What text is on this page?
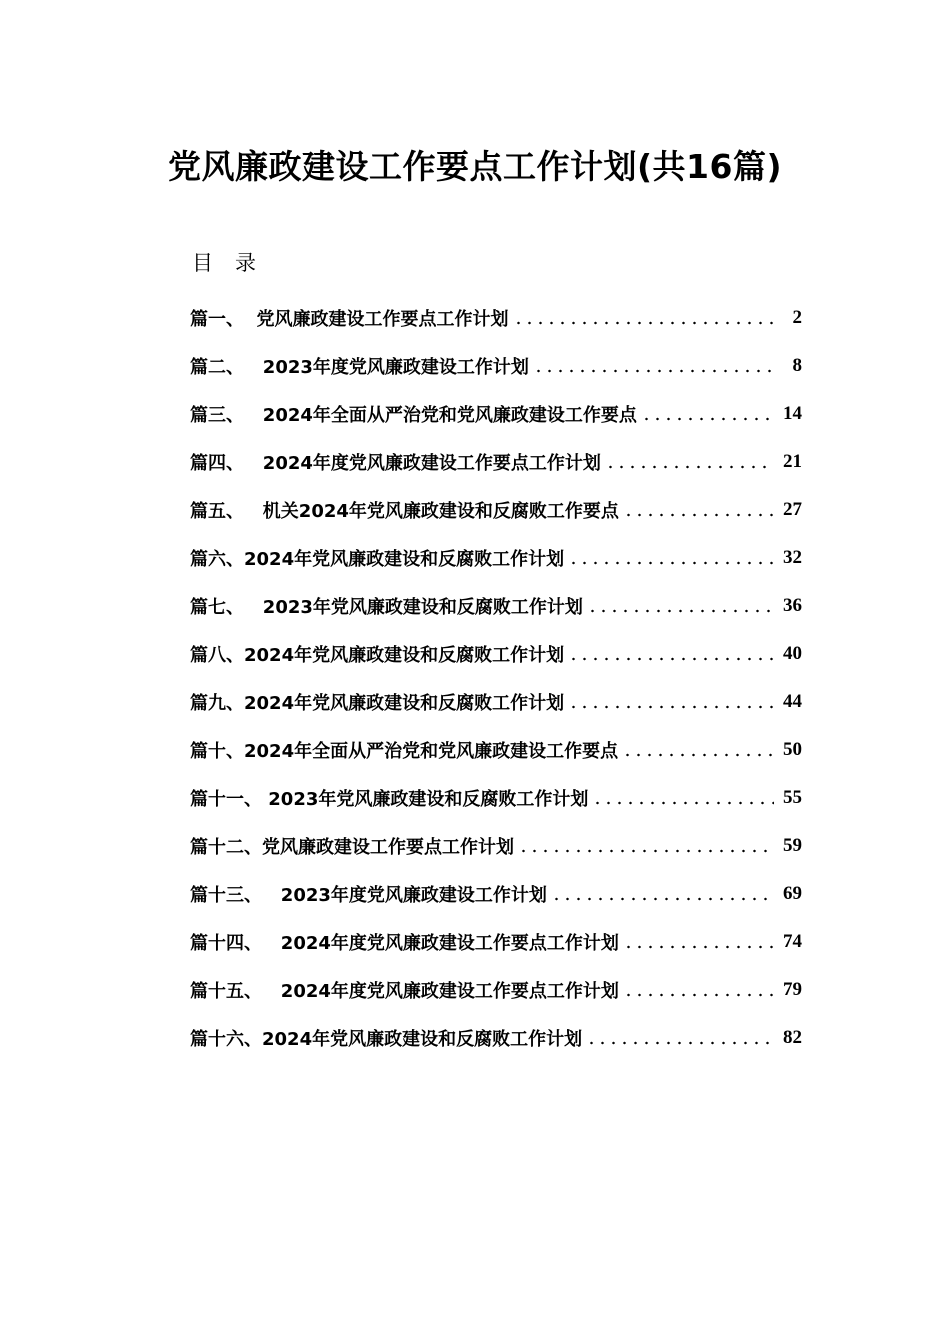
党风廉政建设工作要点工作计划(共16篇)
目录
篇一、  党风廉政建设工作要点工作计划	2
篇二、   2023年度党风廉政建设工作计划	8
篇三、   2024年全面从严治党和党风廉政建设工作要点	14
篇四、   2024年度党风廉政建设工作要点工作计划	21
篇五、   机关2024年党风廉政建设和反腐败工作要点	27
篇六、2024年党风廉政建设和反腐败工作计划	32
篇七、   2023年党风廉政建设和反腐败工作计划	36
篇八、2024年党风廉政建设和反腐败工作计划	40
篇九、2024年党风廉政建设和反腐败工作计划	44
篇十、2024年全面从严治党和党风廉政建设工作要点	50
篇十一、 2023年党风廉政建设和反腐败工作计划	55
篇十二、党风廉政建设工作要点工作计划	59
篇十三、   2023年度党风廉政建设工作计划	69
篇十四、   2024年度党风廉政建设工作要点工作计划	74
篇十五、   2024年度党风廉政建设工作要点工作计划	79
篇十六、2024年党风廉政建设和反腐败工作计划	82
